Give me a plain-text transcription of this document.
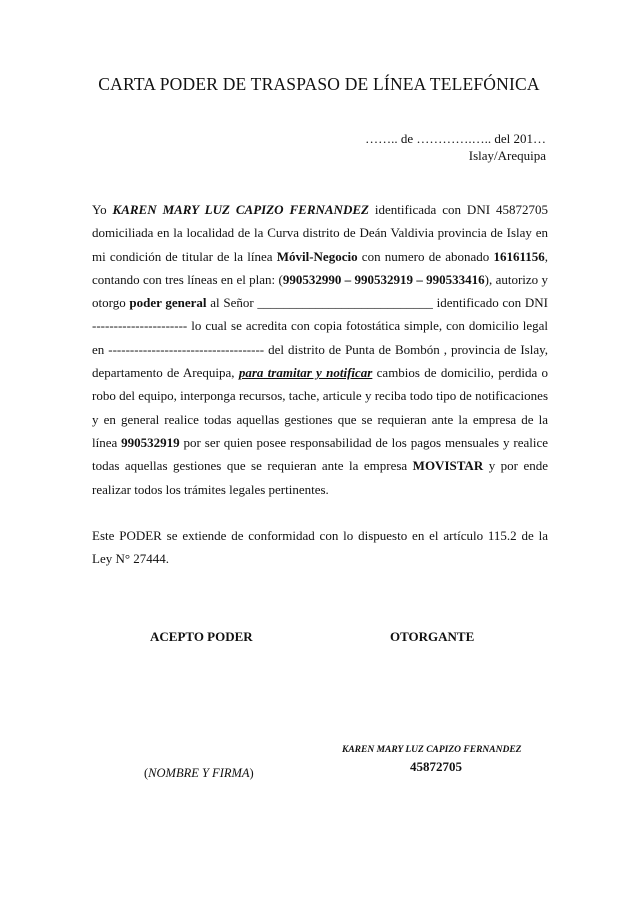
CARTA PODER DE TRASPASO DE LÍNEA TELEFÓNICA
…….. de ………….….. del 201…
Islay/Arequipa

Yo KAREN MARY LUZ CAPIZO FERNANDEZ identificada con DNI 45872705 domiciliada en la localidad de la Curva distrito de Deán Valdivia provincia de Islay en mi condición de titular de la línea Móvil-Negocio con numero de abonado 16161156, contando con tres líneas en el plan: (990532990 – 990532919 – 990533416), autorizo y otorgo poder general al Señor ___________________________ identificado con DNI ---------------------- lo cual se acredita con copia fotostática simple, con domicilio legal en ------------------------------------ del distrito de Punta de Bombón , provincia de Islay, departamento de Arequipa, para tramitar y notificar cambios de domicilio, perdida o robo del equipo, interponga recursos, tache, articule y reciba todo tipo de notificaciones y en general realice todas aquellas gestiones que se requieran ante la empresa de la línea 990532919 por ser quien posee responsabilidad de los pagos mensuales y realice todas aquellas gestiones que se requieran ante la empresa MOVISTAR y por ende realizar todos los trámites legales pertinentes.

Este PODER se extiende de conformidad con lo dispuesto en el artículo 115.2 de la Ley N° 27444.

ACEPTO PODER	OTORGANTE
KAREN MARY LUZ CAPIZO FERNANDEZ
45872705
(NOMBRE Y FIRMA)
